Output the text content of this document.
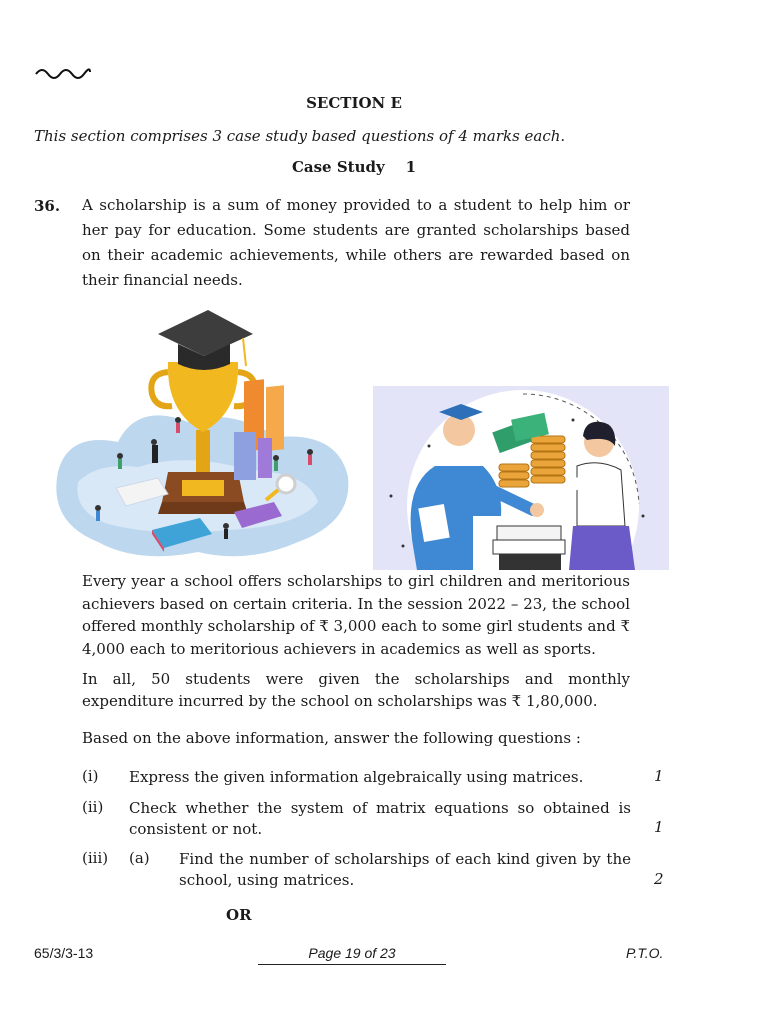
SECTION E
This section comprises 3 case study based questions of 4 marks each.
Case Study    1
36. A scholarship is a sum of money provided to a student to help him or her pay for education. Some students are granted scholarships based on their academic achievements, while others are rewarded based on their financial needs.
Every year a school offers scholarships to girl children and meritorious achievers based on certain criteria. In the session 2022 – 23, the school offered monthly scholarship of ₹ 3,000 each to some girl students and ₹ 4,000 each to meritorious achievers in academics as well as sports.
In all, 50 students were given the scholarships and monthly expenditure incurred by the school on scholarships was ₹ 1,80,000.
Based on the above information, answer the following questions :
(i) Express the given information algebraically using matrices.	1
(ii) Check whether the system of matrix equations so obtained is consistent or not.	1
(iii) (a) Find the number of scholarships of each kind given by the school, using matrices.	2
OR
65/3/3-13	Page 19 of 23	P.T.O.
